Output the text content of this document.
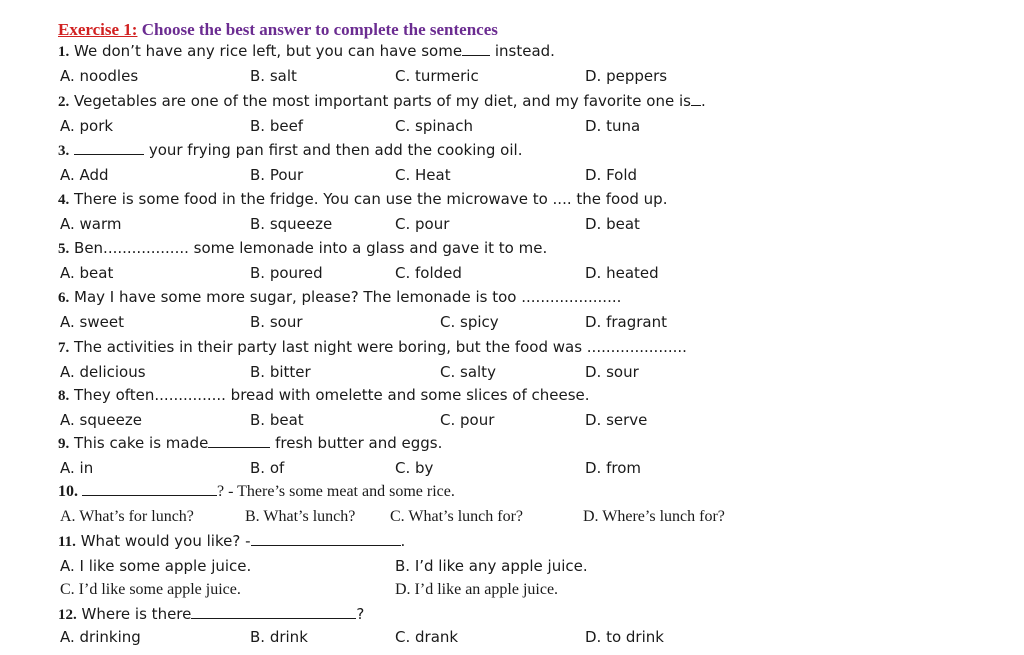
Exercise 1: Choose the best answer to complete the sentences
1. We don’t have any rice left, but you can have some instead.
A. noodles	B. salt	C. turmeric	D. peppers
2. Vegetables are one of the most important parts of my diet, and my favorite one is .
A. pork	B. beef	C. spinach	D. tuna
3.	your frying pan first and then add the cooking oil.
A. Add	B. Pour	C. Heat	D. Fold
4. There is some food in the fridge. You can use the microwave to .... the food up.
A. warm	B. squeeze	C. pour	D. beat
5. Ben.................. some lemonade into a glass and gave it to me.
A. beat	B. poured	C. folded	D. heated
6. May I have some more sugar, please? The lemonade is too .....................
A. sweet	B. sour	C. spicy	D. fragrant
7. The activities in their party last night were boring, but the food was .....................
A. delicious	B. bitter	C. salty	D. sour
8. They often............... bread with omelette and some slices of cheese.
A. squeeze	B. beat	C. pour	D. serve
9. This cake is made	fresh butter and eggs.
A. in	B. of	C. by	D. from
10.	? - There’s some meat and some rice.
A. What’s for lunch?	B. What’s lunch? C. What’s lunch for?	D. Where’s lunch for?
11. What would you like? -	.
A. I like some apple juice.	B. I’d like any apple juice.
C. I’d like some apple juice.	D. I’d like an apple juice.
12. Where is there	?
A. drinking	B. drink	C. drank	D. to drink
